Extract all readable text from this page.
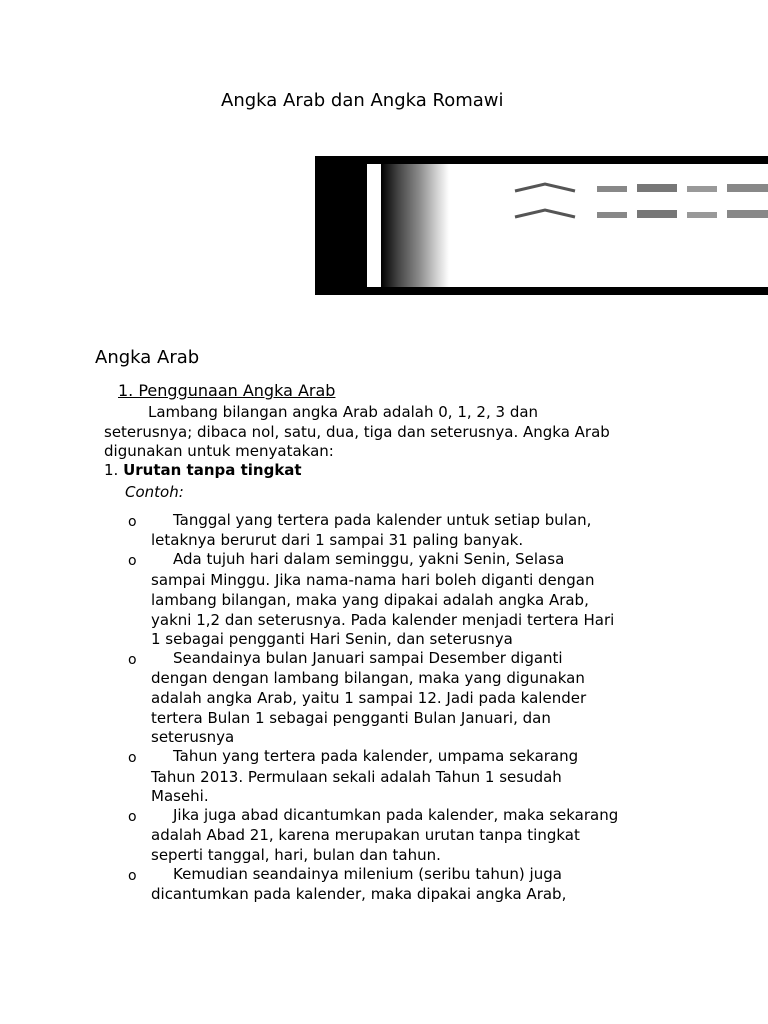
Angka Arab dan Angka Romawi
Angka Arab
1. Penggunaan Angka Arab
Lambang bilangan angka Arab adalah 0, 1, 2, 3 dan
seterusnya; dibaca nol, satu, dua, tiga dan seterusnya. Angka Arab
digunakan untuk menyatakan:
1. Urutan tanpa tingkat
Contoh:
o Tanggal yang tertera pada kalender untuk setiap bulan,
letaknya berurut dari 1 sampai 31 paling banyak.
o Ada tujuh hari dalam seminggu, yakni Senin, Selasa
sampai Minggu. Jika nama-nama hari boleh diganti dengan
lambang bilangan, maka yang dipakai adalah angka Arab,
yakni 1,2 dan seterusnya. Pada kalender menjadi tertera Hari
1 sebagai pengganti Hari Senin, dan seterusnya
o Seandainya bulan Januari sampai Desember diganti
dengan dengan lambang bilangan, maka yang digunakan
adalah angka Arab, yaitu 1 sampai 12. Jadi pada kalender
tertera Bulan 1 sebagai pengganti Bulan Januari, dan
seterusnya
o Tahun yang tertera pada kalender, umpama sekarang
Tahun 2013. Permulaan sekali adalah Tahun 1 sesudah
Masehi.
o Jika juga abad dicantumkan pada kalender, maka sekarang
adalah Abad 21, karena merupakan urutan tanpa tingkat
seperti tanggal, hari, bulan dan tahun.
o Kemudian seandainya milenium (seribu tahun) juga
dicantumkan pada kalender, maka dipakai angka Arab,
